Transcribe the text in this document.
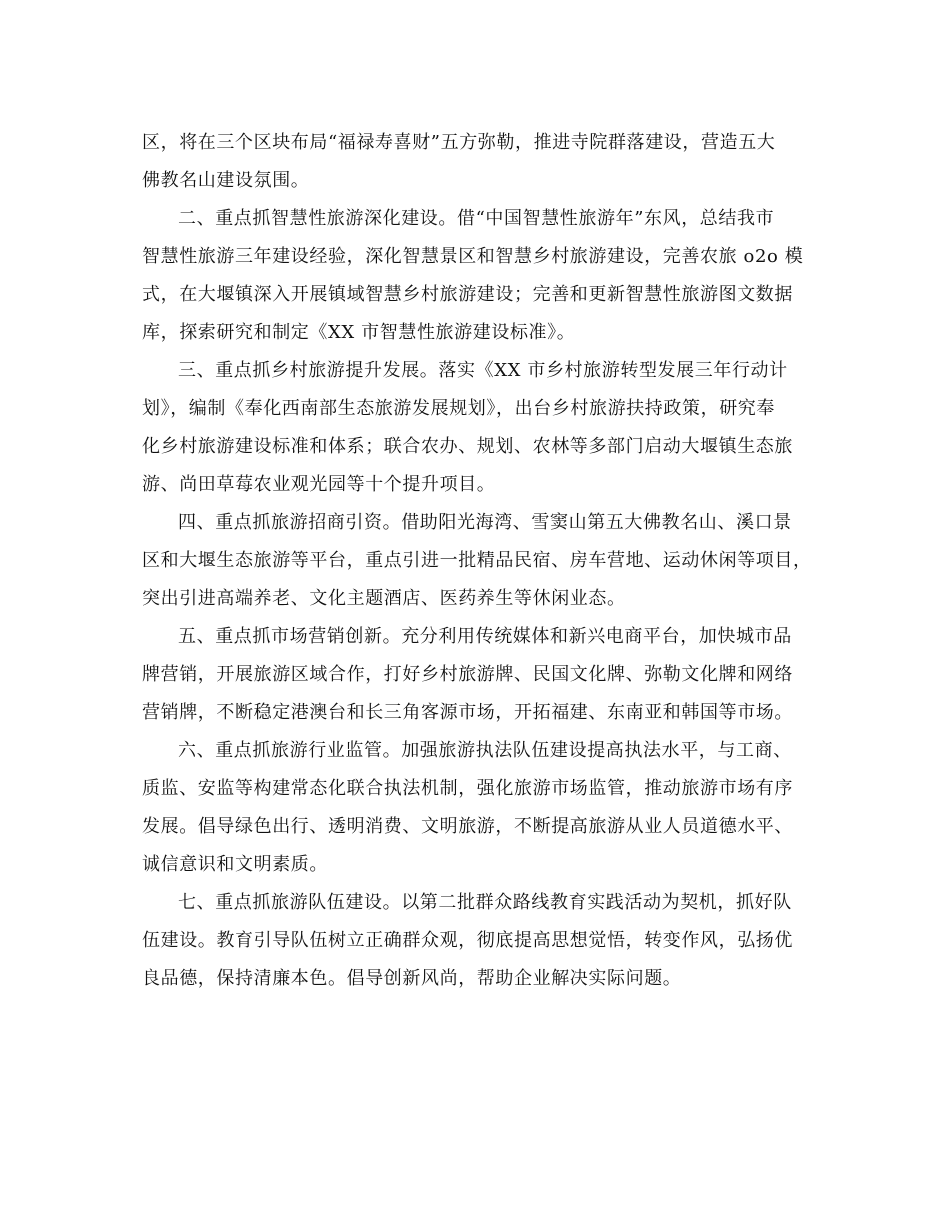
区，将在三个区块布局“福禄寿喜财”五方弥勒，推进寺院群落建设，营造五大
佛教名山建设氛围。
二、重点抓智慧性旅游深化建设。借“中国智慧性旅游年”东风，总结我市
智慧性旅游三年建设经验，深化智慧景区和智慧乡村旅游建设，完善农旅 o2o 模
式，在大堰镇深入开展镇域智慧乡村旅游建设；完善和更新智慧性旅游图文数据
库，探索研究和制定《XX 市智慧性旅游建设标准》。
三、重点抓乡村旅游提升发展。落实《XX 市乡村旅游转型发展三年行动计
划》，编制《奉化西南部生态旅游发展规划》，出台乡村旅游扶持政策，研究奉
化乡村旅游建设标准和体系；联合农办、规划、农林等多部门启动大堰镇生态旅
游、尚田草莓农业观光园等十个提升项目。
四、重点抓旅游招商引资。借助阳光海湾、雪窦山第五大佛教名山、溪口景
区和大堰生态旅游等平台，重点引进一批精品民宿、房车营地、运动休闲等项目，
突出引进高端养老、文化主题酒店、医药养生等休闲业态。
五、重点抓市场营销创新。充分利用传统媒体和新兴电商平台，加快城市品
牌营销，开展旅游区域合作，打好乡村旅游牌、民国文化牌、弥勒文化牌和网络
营销牌，不断稳定港澳台和长三角客源市场，开拓福建、东南亚和韩国等市场。
六、重点抓旅游行业监管。加强旅游执法队伍建设提高执法水平，与工商、
质监、安监等构建常态化联合执法机制，强化旅游市场监管，推动旅游市场有序
发展。倡导绿色出行、透明消费、文明旅游，不断提高旅游从业人员道德水平、
诚信意识和文明素质。
七、重点抓旅游队伍建设。以第二批群众路线教育实践活动为契机，抓好队
伍建设。教育引导队伍树立正确群众观，彻底提高思想觉悟，转变作风，弘扬优
良品德，保持清廉本色。倡导创新风尚，帮助企业解决实际问题。
